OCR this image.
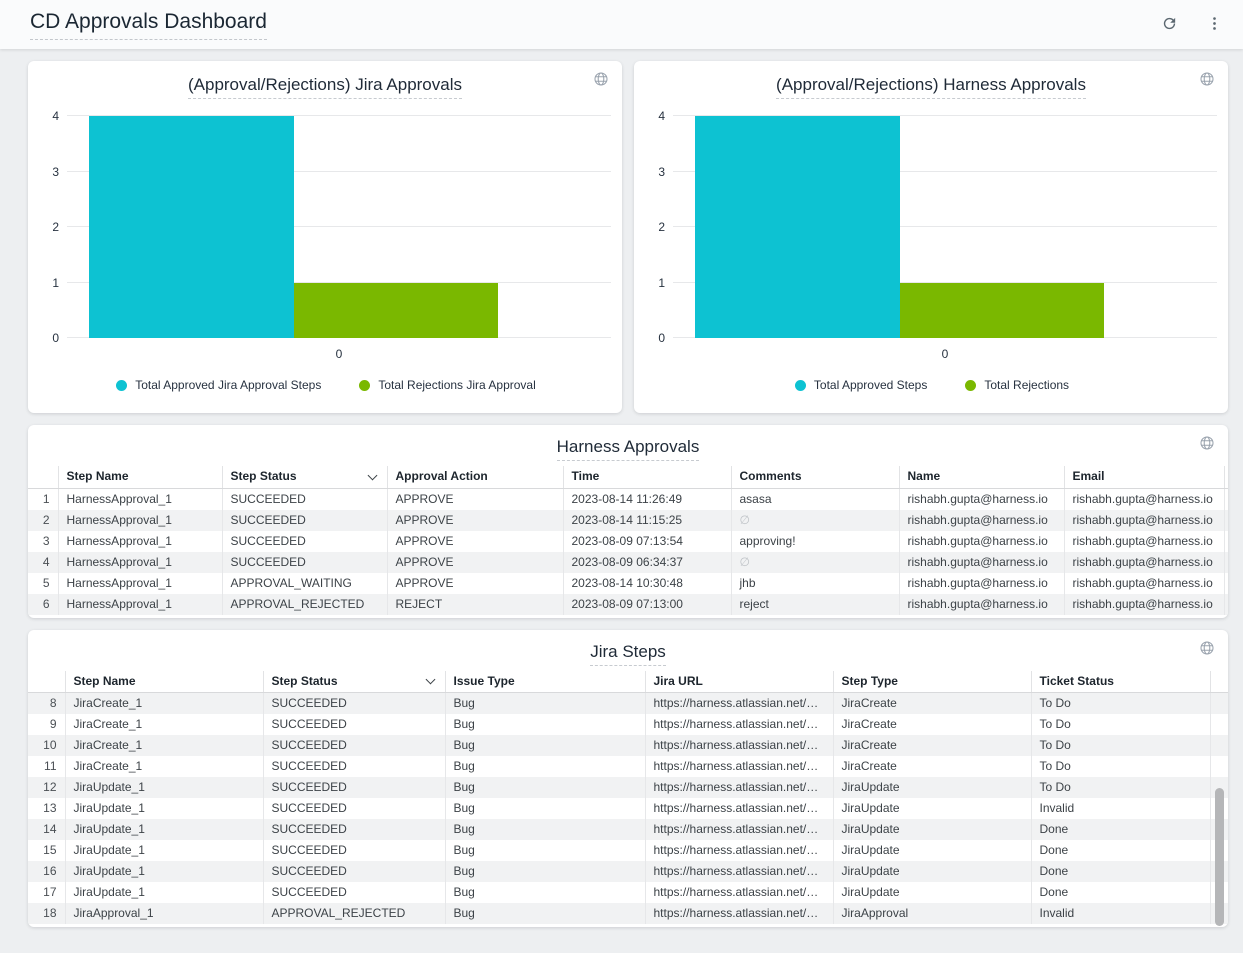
CD Approvals Dashboard
(Approval/Rejections) Jira Approvals
4
3
2
1
0
0
Total Approved Jira Approval Steps	Total Rejections Jira Approval
(Approval/Rejections) Harness Approvals
4
3
2
1
0
0
Total Approved Steps	Total Rejections
Harness Approvals
	Step Name	Step Status	Approval Action	Time	Comments	Name	Email	
1	HarnessApproval_1	SUCCEEDED	APPROVE	2023-08-14 11:26:49	asasa	rishabh.gupta@harness.io	rishabh.gupta@harness.io	
2	HarnessApproval_1	SUCCEEDED	APPROVE	2023-08-14 11:15:25	∅	rishabh.gupta@harness.io	rishabh.gupta@harness.io	
3	HarnessApproval_1	SUCCEEDED	APPROVE	2023-08-09 07:13:54	approving!	rishabh.gupta@harness.io	rishabh.gupta@harness.io	
4	HarnessApproval_1	SUCCEEDED	APPROVE	2023-08-09 06:34:37	∅	rishabh.gupta@harness.io	rishabh.gupta@harness.io	
5	HarnessApproval_1	APPROVAL_WAITING	APPROVE	2023-08-14 10:30:48	jhb	rishabh.gupta@harness.io	rishabh.gupta@harness.io	
6	HarnessApproval_1	APPROVAL_REJECTED	REJECT	2023-08-09 07:13:00	reject	rishabh.gupta@harness.io	rishabh.gupta@harness.io	
Jira Steps
	Step Name	Step Status	Issue Type	Jira URL	Step Type	Ticket Status	
8	JiraCreate_1	SUCCEEDED	Bug	https://harness.atlassian.net/b…	JiraCreate	To Do	
9	JiraCreate_1	SUCCEEDED	Bug	https://harness.atlassian.net/b…	JiraCreate	To Do	
10	JiraCreate_1	SUCCEEDED	Bug	https://harness.atlassian.net/b…	JiraCreate	To Do	
11	JiraCreate_1	SUCCEEDED	Bug	https://harness.atlassian.net/b…	JiraCreate	To Do	
12	JiraUpdate_1	SUCCEEDED	Bug	https://harness.atlassian.net/b…	JiraUpdate	To Do	
13	JiraUpdate_1	SUCCEEDED	Bug	https://harness.atlassian.net/b…	JiraUpdate	Invalid	
14	JiraUpdate_1	SUCCEEDED	Bug	https://harness.atlassian.net/b…	JiraUpdate	Done	
15	JiraUpdate_1	SUCCEEDED	Bug	https://harness.atlassian.net/b…	JiraUpdate	Done	
16	JiraUpdate_1	SUCCEEDED	Bug	https://harness.atlassian.net/b…	JiraUpdate	Done	
17	JiraUpdate_1	SUCCEEDED	Bug	https://harness.atlassian.net/b…	JiraUpdate	Done	
18	JiraApproval_1	APPROVAL_REJECTED	Bug	https://harness.atlassian.net/b…	JiraApproval	Invalid	
